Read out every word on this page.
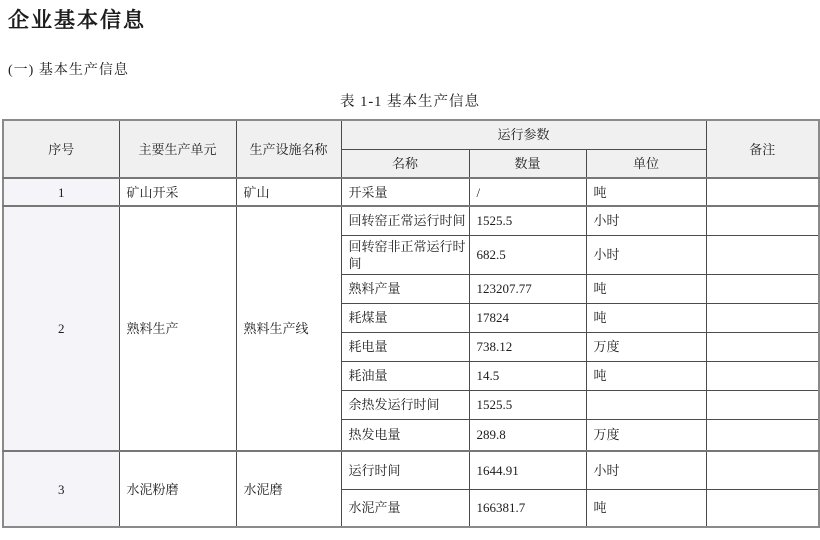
企业基本信息
(一) 基本生产信息
表 1-1 基本生产信息
序号	主要生产单元	生产设施名称	运行参数			备注
			名称	数量	单位	
1	矿山开采	矿山	开采量	/	吨	
2	熟料生产	熟料生产线	回转窑正常运行时间	1525.5	小时	
			回转窑非正常运行时间	682.5	小时	
			熟料产量	123207.77	吨	
			耗煤量	17824	吨	
			耗电量	738.12	万度	
			耗油量	14.5	吨	
			余热发运行时间	1525.5		
			热发电量	289.8	万度	
3	水泥粉磨	水泥磨	运行时间	1644.91	小时	
			水泥产量	166381.7	吨	
